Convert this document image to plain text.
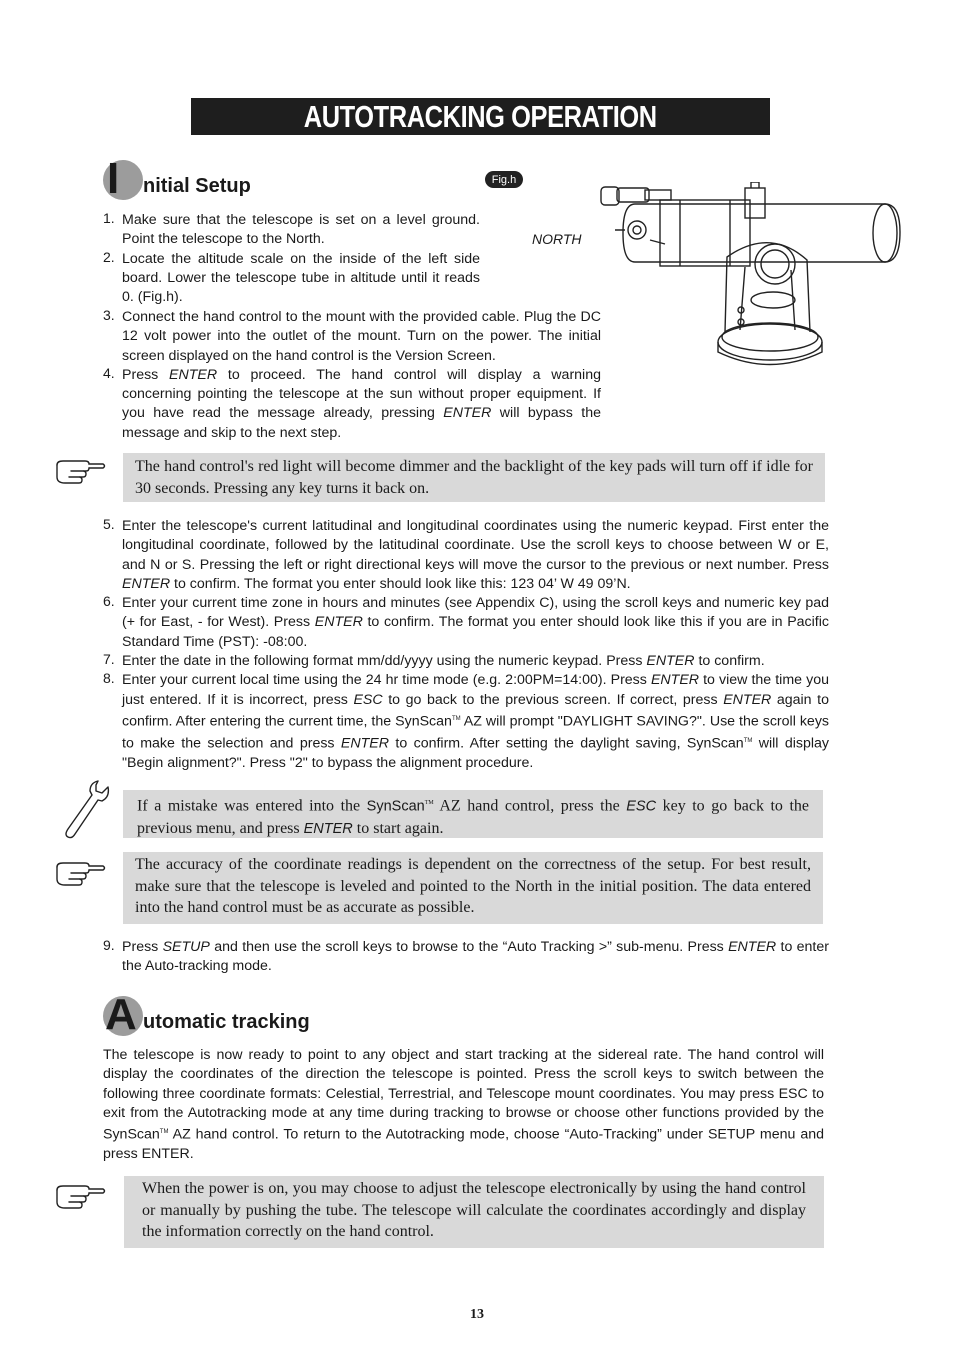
AUTOTRACKING OPERATION
I nitial Setup	Fig.h
NORTH
1. Make sure that the telescope is set on a level ground. Point the telescope to the North.
2. Locate the altitude scale on the inside of the left side board. Lower the telescope tube in altitude until it reads 0. (Fig.h).
3. Connect the hand control to the mount with the provided cable. Plug the DC 12 volt power into the outlet of the mount. Turn on the power. The initial screen displayed on the hand control is the Version Screen.
4. Press ENTER to proceed. The hand control will display a warning concerning pointing the telescope at the sun without proper equipment. If you have read the message already, pressing ENTER will bypass the message and skip to the next step.
The hand control's red light will become dimmer and the backlight of the key pads will turn off if idle for 30 seconds. Pressing any key turns it back on.
5. Enter the telescope's current latitudinal and longitudinal coordinates using the numeric keypad. First enter the longitudinal coordinate, followed by the latitudinal coordinate. Use the scroll keys to choose between W or E, and N or S. Pressing the left or right directional keys will move the cursor to the previous or next number. Press ENTER to confirm. The format you enter should look like this: 123 04’ W 49 09’N.
6. Enter your current time zone in hours and minutes (see Appendix C), using the scroll keys and numeric key pad (+ for East, - for West). Press ENTER to confirm. The format you enter should look like this if you are in Pacific Standard Time (PST): -08:00.
7. Enter the date in the following format mm/dd/yyyy using the numeric keypad. Press ENTER to confirm.
8. Enter your current local time using the 24 hr time mode (e.g. 2:00PM=14:00). Press ENTER to view the time you just entered. If it is incorrect, press ESC to go back to the previous screen. If correct, press ENTER again to confirm. After entering the current time, the SynScan™ AZ will prompt "DAYLIGHT SAVING?". Use the scroll keys to make the selection and press ENTER to confirm. After setting the daylight saving, SynScan™ will display "Begin alignment?". Press "2" to bypass the alignment procedure.
If a mistake was entered into the SynScan™ AZ hand control, press the ESC key to go back to the previous menu, and press ENTER to start again.
The accuracy of the coordinate readings is dependent on the correctness of the setup. For best result, make sure that the telescope is leveled and pointed to the North in the initial position. The data entered into the hand control must be as accurate as possible.
9. Press SETUP and then use the scroll keys to browse to the “Auto Tracking >” sub-menu. Press ENTER to enter the Auto-tracking mode.
A utomatic tracking
The telescope is now ready to point to any object and start tracking at the sidereal rate. The hand control will display the coordinates of the direction the telescope is pointed. Press the scroll keys to switch between the following three coordinate formats: Celestial, Terrestrial, and Telescope mount coordinates. You may press ESC to exit from the Autotracking mode at any time during tracking to browse or choose other functions provided by the SynScan™ AZ hand control. To return to the Autotracking mode, choose “Auto-Tracking” under SETUP menu and press ENTER.
When the power is on, you may choose to adjust the telescope electronically by using the hand control or manually by pushing the tube. The telescope will calculate the coordinates accordingly and display the information correctly on the hand control.
13
